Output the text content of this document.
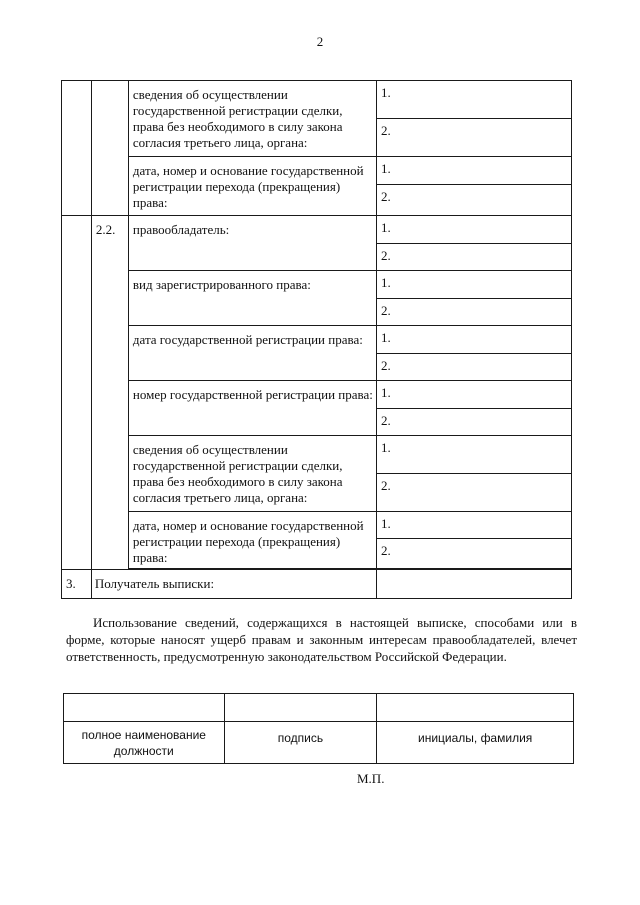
2

		сведения об осуществлении государственной регистрации сделки, права без необходимого в силу закона согласия третьего лица, органа:	1.

			2.

		дата, номер и основание государственной регистрации перехода (прекращения) права:	1.

			2.

	2.2.	правообладатель:	1.

			2.

		вид зарегистрированного права:	1.

			2.

		дата государственной регистрации права:	1.

			2.

		номер государственной регистрации права:	1.

			2.

		сведения об осуществлении государственной регистрации сделки, права без необходимого в силу закона согласия третьего лица, органа:	1.

			2.

		дата, номер и основание государственной регистрации перехода (прекращения) права:	1.

			2.

3.	Получатель выписки:		

Использование сведений, содержащихся в настоящей выписке, способами или в форме, которые наносят ущерб правам и законным интересам правообладателей, влечет ответственность, предусмотренную законодательством Российской Федерации.

полное наименование должности	подпись	инициалы, фамилия
М.П.
